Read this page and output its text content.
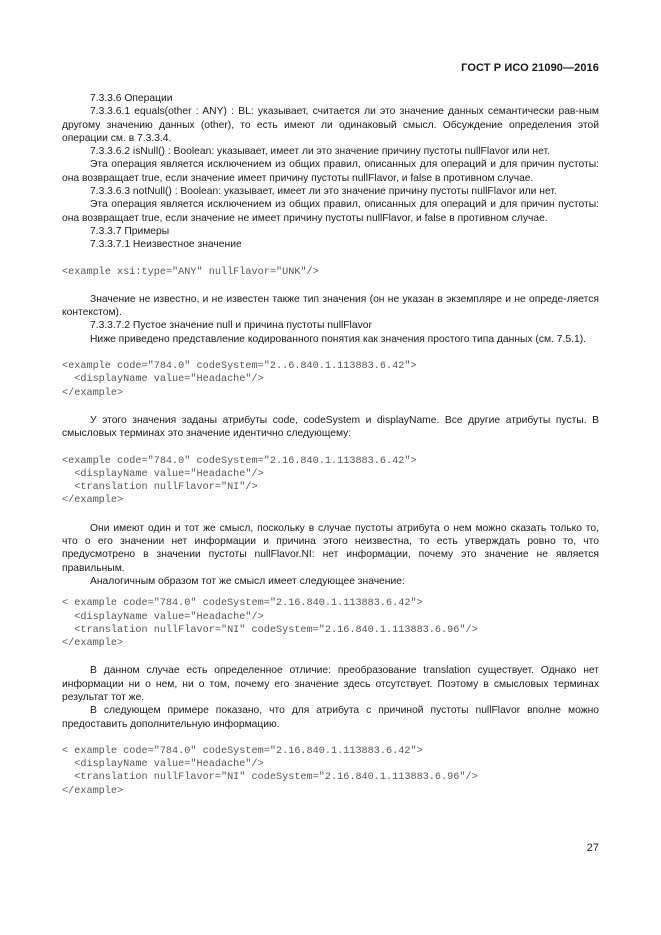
ГОСТ Р ИСО 21090—2016

7.3.3.6 Операции

7.3.3.6.1 equals(other : ANY) : BL: указывает, считается ли это значение данных семантически рав-ным другому значению данных (other), то есть имеют ли одинаковый смысл. Обсуждение определения этой операции см. в 7.3.3.4.

7.3.3.6.2 isNull() : Boolean: указывает, имеет ли это значение причину пустоты nullFlavor или нет.

Эта операция является исключением из общих правил, описанных для операций и для причин пустоты: она возвращает true, если значение имеет причину пустоты nullFlavor, и false в противном случае.

7.3.3.6.3 notNull() : Boolean: указывает, имеет ли это значение причину пустоты nullFlavor или нет.

Эта операция является исключением из общих правил, описанных для операций и для причин пустоты: она возвращает true, если значение не имеет причину пустоты nullFlavor, и false в противном случае.

7.3.3.7 Примеры

7.3.3.7.1 Неизвестное значение

<example xsi:type="ANY" nullFlavor="UNK"/>

Значение не известно, и не известен также тип значения (он не указан в экземпляре и не опреде-ляется контекстом).

7.3.3.7.2 Пустое значение null и причина пустоты nullFlavor

Ниже приведено представление кодированного понятия как значения простого типа данных (см. 7.5.1).

<example code="784.0" codeSystem="2..6.840.1.113883.6.42">
<displayName value="Headache"/>
</example>

У этого значения заданы атрибуты code, codeSystem и displayName. Все другие атрибуты пусты. В смысловых терминах это значение идентично следующему:

<example code="784.0" codeSystem="2.16.840.1.113883.6.42">
<displayName value="Headache"/>
<translation nullFlavor="NI"/>
</example>

Они имеют один и тот же смысл, поскольку в случае пустоты атрибута о нем можно сказать только то, что о его значении нет информации и причина этого неизвестна, то есть утверждать ровно то, что предусмотрено в значении пустоты nullFlavor.NI: нет информации, почему это значение не является правильным.

Аналогичным образом тот же смысл имеет следующее значение:

< example code="784.0" codeSystem="2.16.840.1.113883.6.42">
<displayName value="Headache"/>
<translation nullFlavor="NI" codeSystem="2.16.840.1.113883.6.96"/>
</example>

В данном случае есть определенное отличие: преобразование translation существует. Однако нет информации ни о нем, ни о том, почему его значение здесь отсутствует. Поэтому в смысловых терминах результат тот же.

В следующем примере показано, что для атрибута с причиной пустоты nullFlavor вполне можно предоставить дополнительную информацию.

< example code="784.0" codeSystem="2.16.840.1.113883.6.42">
<displayName value="Headache"/>
<translation nullFlavor="NI" codeSystem="2.16.840.1.113883.6.96"/>
</example>
27
